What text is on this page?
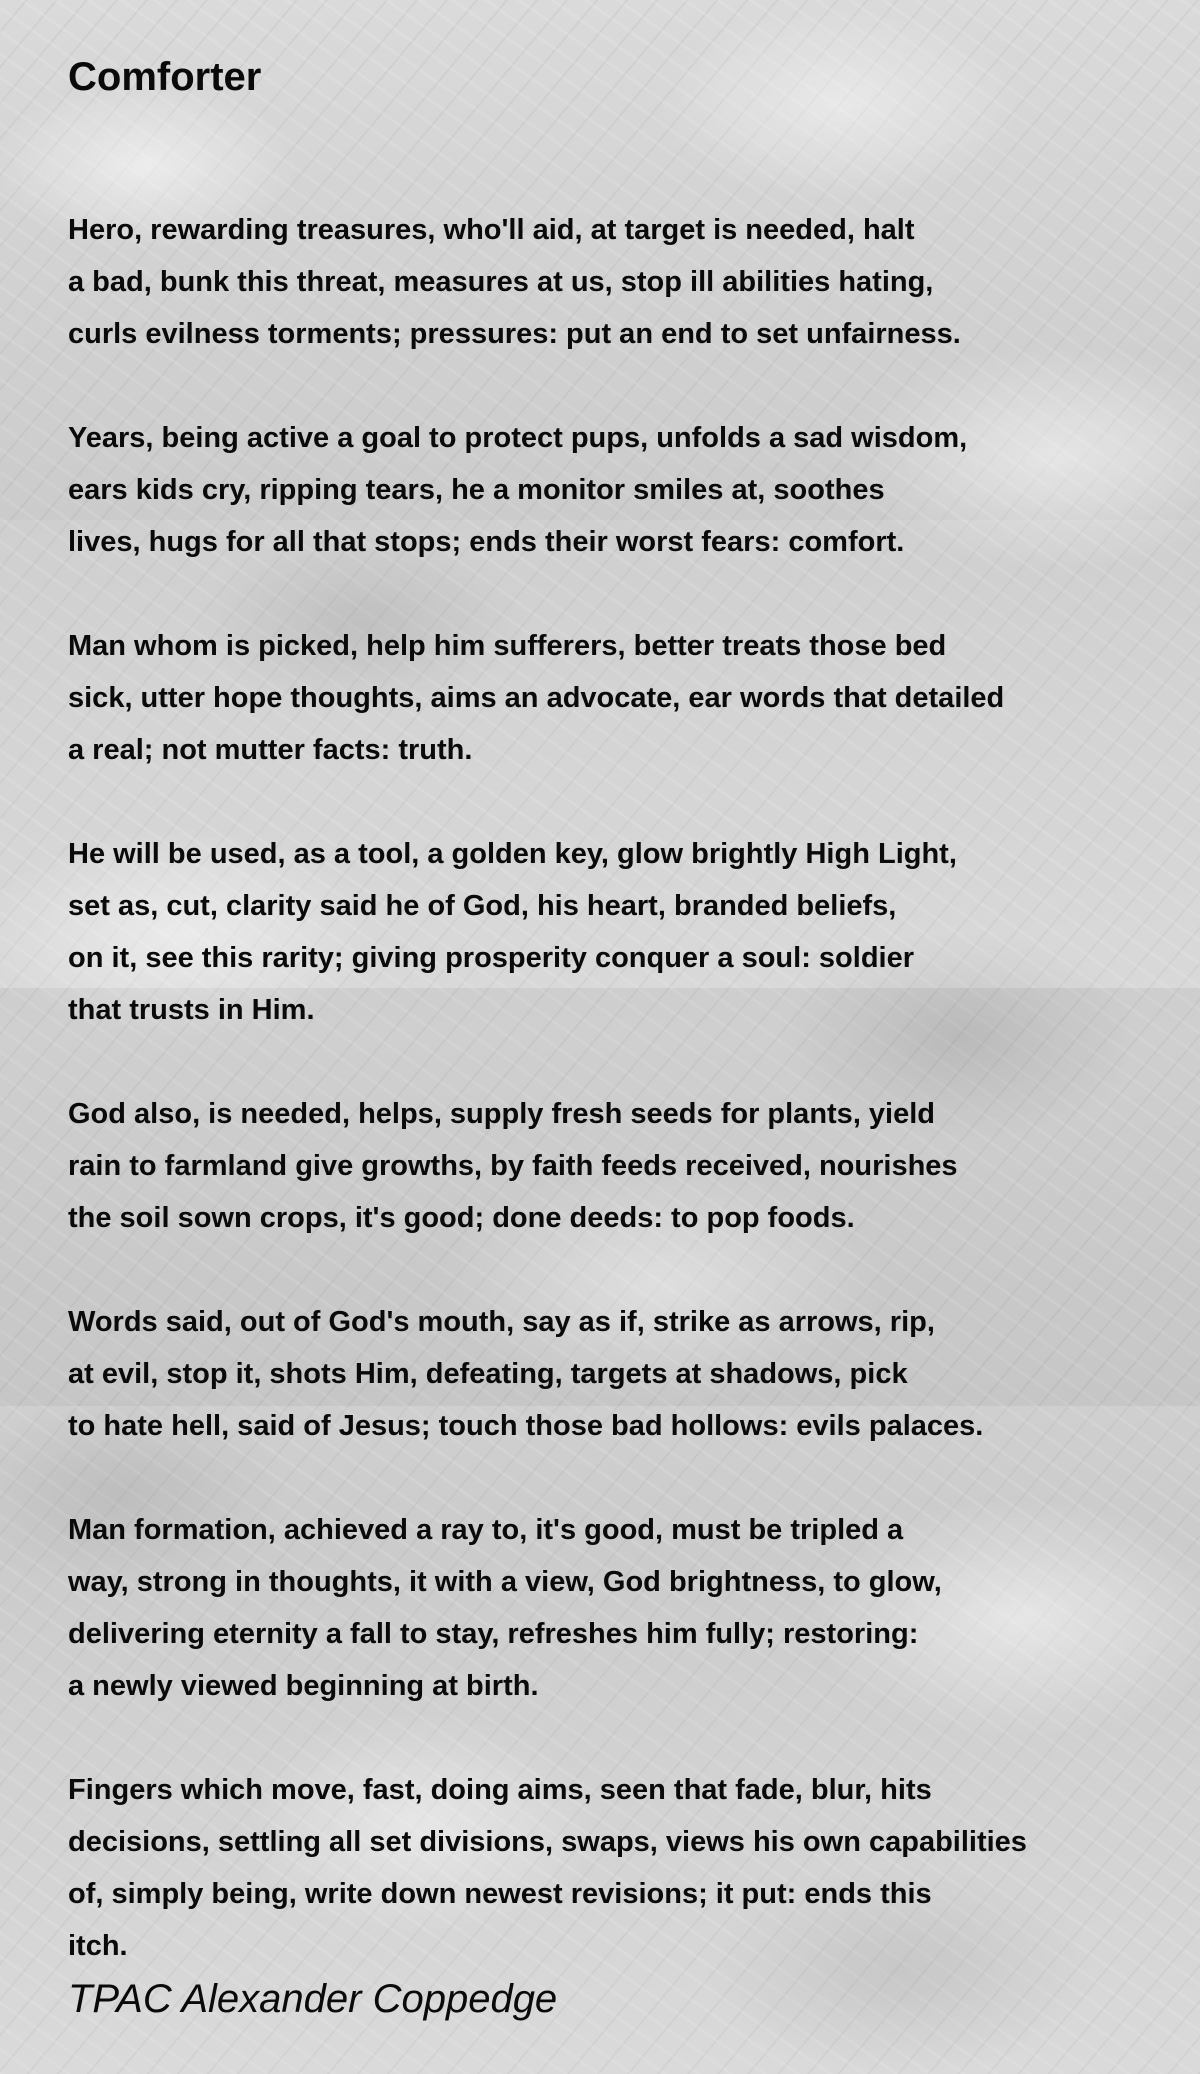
Comforter

Hero, rewarding treasures, who'll aid, at target is needed, halt
a bad, bunk this threat, measures at us, stop ill abilities hating,
curls evilness torments; pressures: put an end to set unfairness.

Years, being active a goal to protect pups, unfolds a sad wisdom,
ears kids cry, ripping tears, he a monitor smiles at, soothes
lives, hugs for all that stops; ends their worst fears: comfort.

Man whom is picked, help him sufferers, better treats those bed
sick, utter hope thoughts, aims an advocate, ear words that detailed
a real; not mutter facts: truth.

He will be used, as a tool, a golden key, glow brightly High Light,
set as, cut, clarity said he of God, his heart, branded beliefs,
on it, see this rarity; giving prosperity conquer a soul: soldier
that trusts in Him.

God also, is needed, helps, supply fresh seeds for plants, yield
rain to farmland give growths, by faith feeds received, nourishes
the soil sown crops, it's good; done deeds: to pop foods.

Words said, out of God's mouth, say as if, strike as arrows, rip,
at evil, stop it, shots Him, defeating, targets at shadows, pick
to hate hell, said of Jesus; touch those bad hollows: evils palaces.

Man formation, achieved a ray to, it's good, must be tripled a
way, strong in thoughts, it with a view, God brightness, to glow,
delivering eternity a fall to stay, refreshes him fully; restoring:
a newly viewed beginning at birth.

Fingers which move, fast, doing aims, seen that fade, blur, hits
decisions, settling all set divisions, swaps, views his own capabilities
of, simply being, write down newest revisions; it put: ends this
itch.

TPAC Alexander Coppedge
